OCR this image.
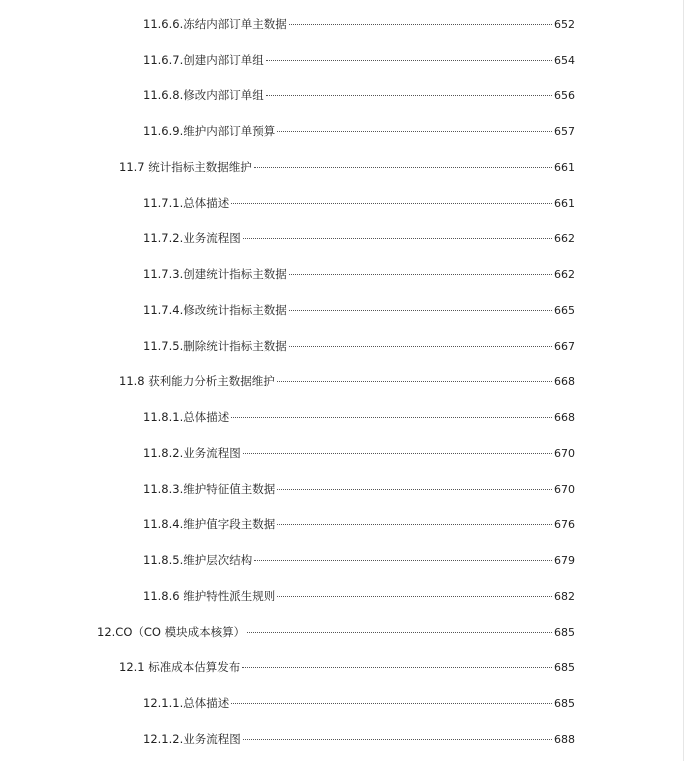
11.6.6.冻结内部订单主数据	652
11.6.7.创建内部订单组	654
11.6.8.修改内部订单组	656
11.6.9.维护内部订单预算	657
11.7 统计指标主数据维护	661
11.7.1.总体描述	661
11.7.2.业务流程图	662
11.7.3.创建统计指标主数据	662
11.7.4.修改统计指标主数据	665
11.7.5.删除统计指标主数据	667
11.8 获利能力分析主数据维护	668
11.8.1.总体描述	668
11.8.2.业务流程图	670
11.8.3.维护特征值主数据	670
11.8.4.维护值字段主数据	676
11.8.5.维护层次结构	679
11.8.6 维护特性派生规则	682
12.CO（CO 模块成本核算）	685
12.1 标准成本估算发布	685
12.1.1.总体描述	685
12.1.2.业务流程图	688
